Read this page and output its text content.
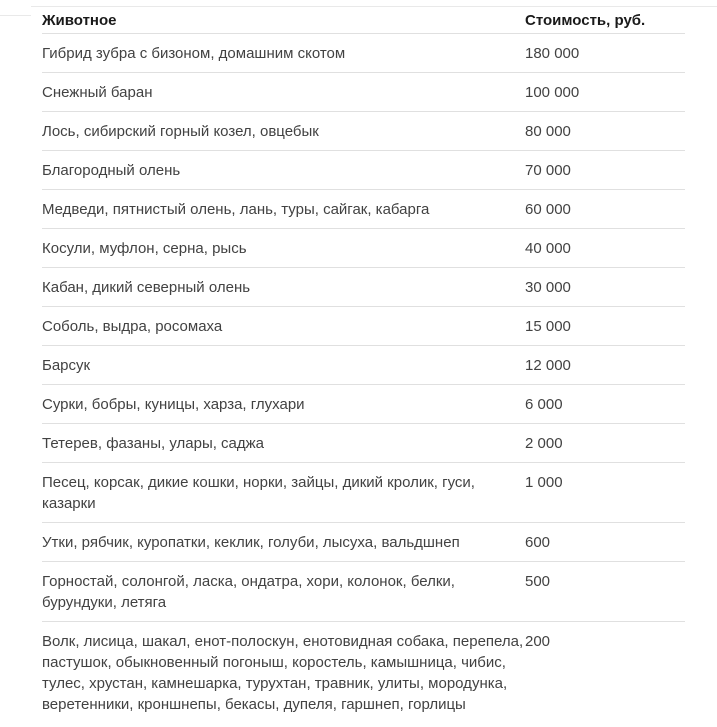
Животное	Стоимость, руб.
Гибрид зубра с бизоном, домашним скотом	180 000
Снежный баран	100 000
Лось, сибирский горный козел, овцебык	80 000
Благородный олень	70 000
Медведи, пятнистый олень, лань, туры, сайгак, кабарга	60 000
Косули, муфлон, серна, рысь	40 000
Кабан, дикий северный олень	30 000
Соболь, выдра, росомаха	15 000
Барсук	12 000
Сурки, бобры, куницы, харза, глухари	6 000
Тетерев, фазаны, улары, саджа	2 000
Песец, корсак, дикие кошки, норки, зайцы, дикий кролик, гуси, казарки	1 000
Утки, рябчик, куропатки, кеклик, голуби, лысуха, вальдшнеп	600
Горностай, солонгой, ласка, ондатра, хори, колонок, белки, бурундуки, летяга	500
Волк, лисица, шакал, енот-полоскун, енотовидная собака, перепела, пастушок, обыкновенный погоныш, коростель, камышница, чибис, тулес, хрустан, камнешарка, турухтан, травник, улиты, мородунка, веретенники, кроншнепы, бекасы, дупеля, гаршнеп, горлицы	200
